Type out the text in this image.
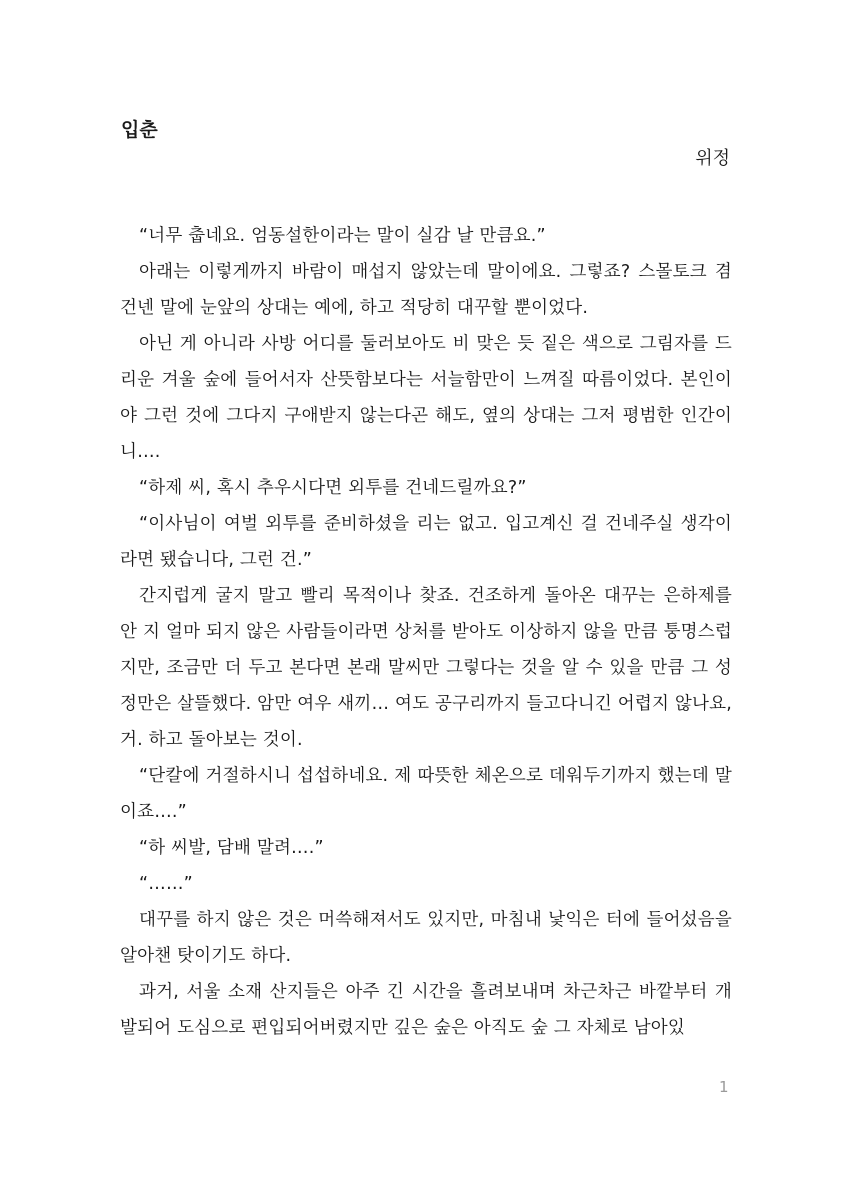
입춘
위정

“너무 춥네요. 엄동설한이라는 말이 실감 날 만큼요.”

아래는 이렇게까지 바람이 매섭지 않았는데 말이에요. 그렇죠? 스몰토크 겸 건넨 말에 눈앞의 상대는 예에, 하고 적당히 대꾸할 뿐이었다.

아닌 게 아니라 사방 어디를 둘러보아도 비 맞은 듯 짙은 색으로 그림자를 드리운 겨울 숲에 들어서자 산뜻함보다는 서늘함만이 느껴질 따름이었다. 본인이야 그런 것에 그다지 구애받지 않는다곤 해도, 옆의 상대는 그저 평범한 인간이니….

“하제 씨, 혹시 추우시다면 외투를 건네드릴까요?”

“이사님이 여벌 외투를 준비하셨을 리는 없고. 입고계신 걸 건네주실 생각이라면 됐습니다, 그런 건.”

간지럽게 굴지 말고 빨리 목적이나 찾죠. 건조하게 돌아온 대꾸는 은하제를 안 지 얼마 되지 않은 사람들이라면 상처를 받아도 이상하지 않을 만큼 퉁명스럽지만, 조금만 더 두고 본다면 본래 말씨만 그렇다는 것을 알 수 있을 만큼 그 성정만은 살뜰했다. 암만 여우 새끼… 여도 공구리까지 들고다니긴 어렵지 않나요, 거. 하고 돌아보는 것이.

“단칼에 거절하시니 섭섭하네요. 제 따뜻한 체온으로 데워두기까지 했는데 말이죠….”

“하 씨발, 담배 말려….”

“……”

대꾸를 하지 않은 것은 머쓱해져서도 있지만, 마침내 낯익은 터에 들어섰음을 알아챈 탓이기도 하다.

과거, 서울 소재 산지들은 아주 긴 시간을 흘려보내며 차근차근 바깥부터 개발되어 도심으로 편입되어버렸지만 깊은 숲은 아직도 숲 그 자체로 남아있

1
